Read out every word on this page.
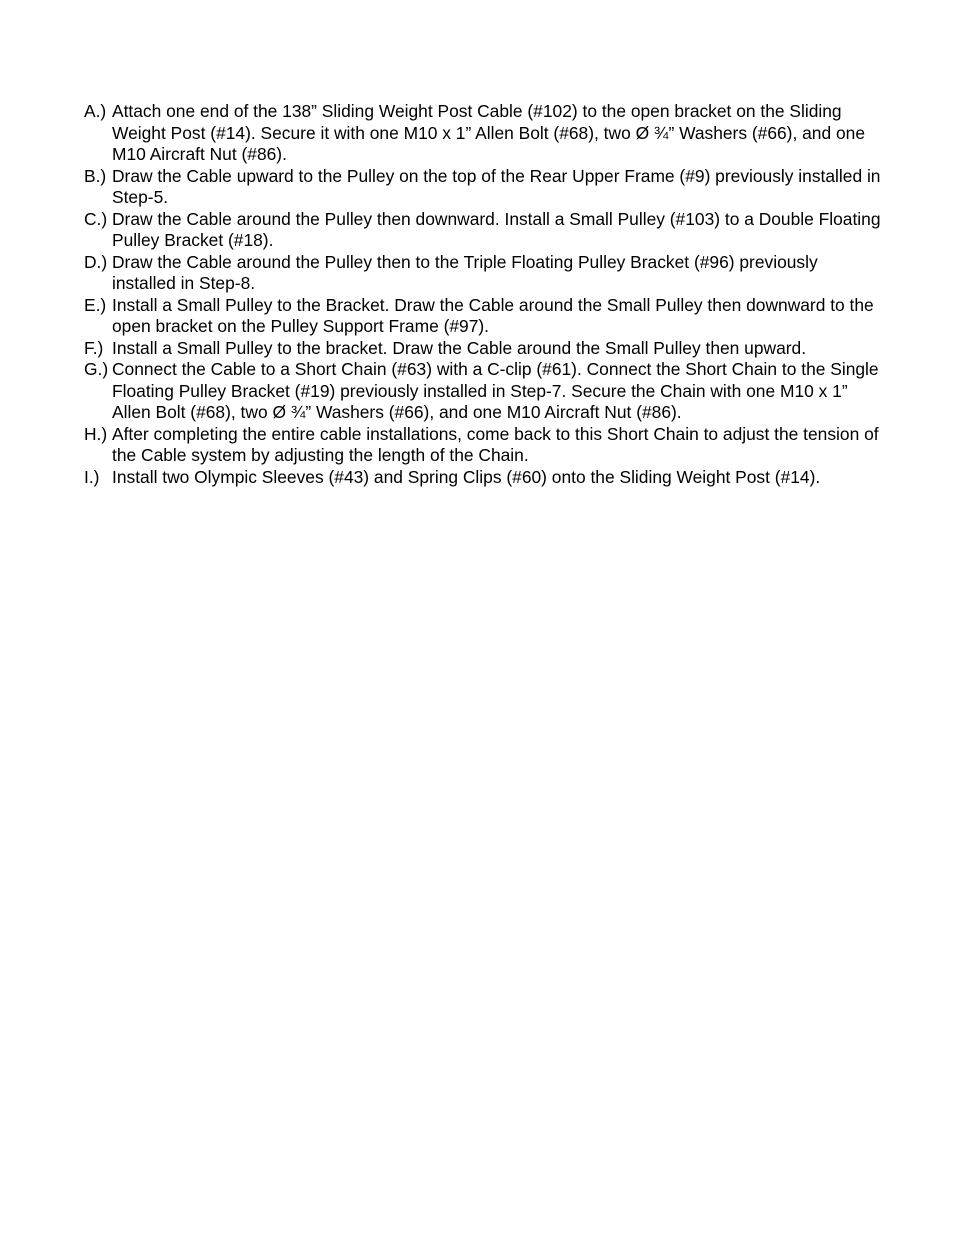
A.) Attach one end of the 138” Sliding Weight Post Cable (#102) to the open bracket on the Sliding Weight Post (#14). Secure it with one M10 x 1” Allen Bolt (#68), two Ø ¾” Washers (#66), and one M10 Aircraft Nut (#86).
B.) Draw the Cable upward to the Pulley on the top of the Rear Upper Frame (#9) previously installed in Step-5.
C.) Draw the Cable around the Pulley then downward. Install a Small Pulley (#103) to a Double Floating Pulley Bracket (#18).
D.) Draw the Cable around the Pulley then to the Triple Floating Pulley Bracket (#96) previously installed in Step-8.
E.) Install a Small Pulley to the Bracket. Draw the Cable around the Small Pulley then downward to the open bracket on the Pulley Support Frame (#97).
F.) Install a Small Pulley to the bracket. Draw the Cable around the Small Pulley then upward.
G.) Connect the Cable to a Short Chain (#63) with a C-clip (#61). Connect the Short Chain to the Single Floating Pulley Bracket (#19) previously installed in Step-7. Secure the Chain with one M10 x 1” Allen Bolt (#68), two Ø ¾” Washers (#66), and one M10 Aircraft Nut (#86).
H.) After completing the entire cable installations, come back to this Short Chain to adjust the tension of the Cable system by adjusting the length of the Chain.
I.) Install two Olympic Sleeves (#43) and Spring Clips (#60) onto the Sliding Weight Post (#14).
